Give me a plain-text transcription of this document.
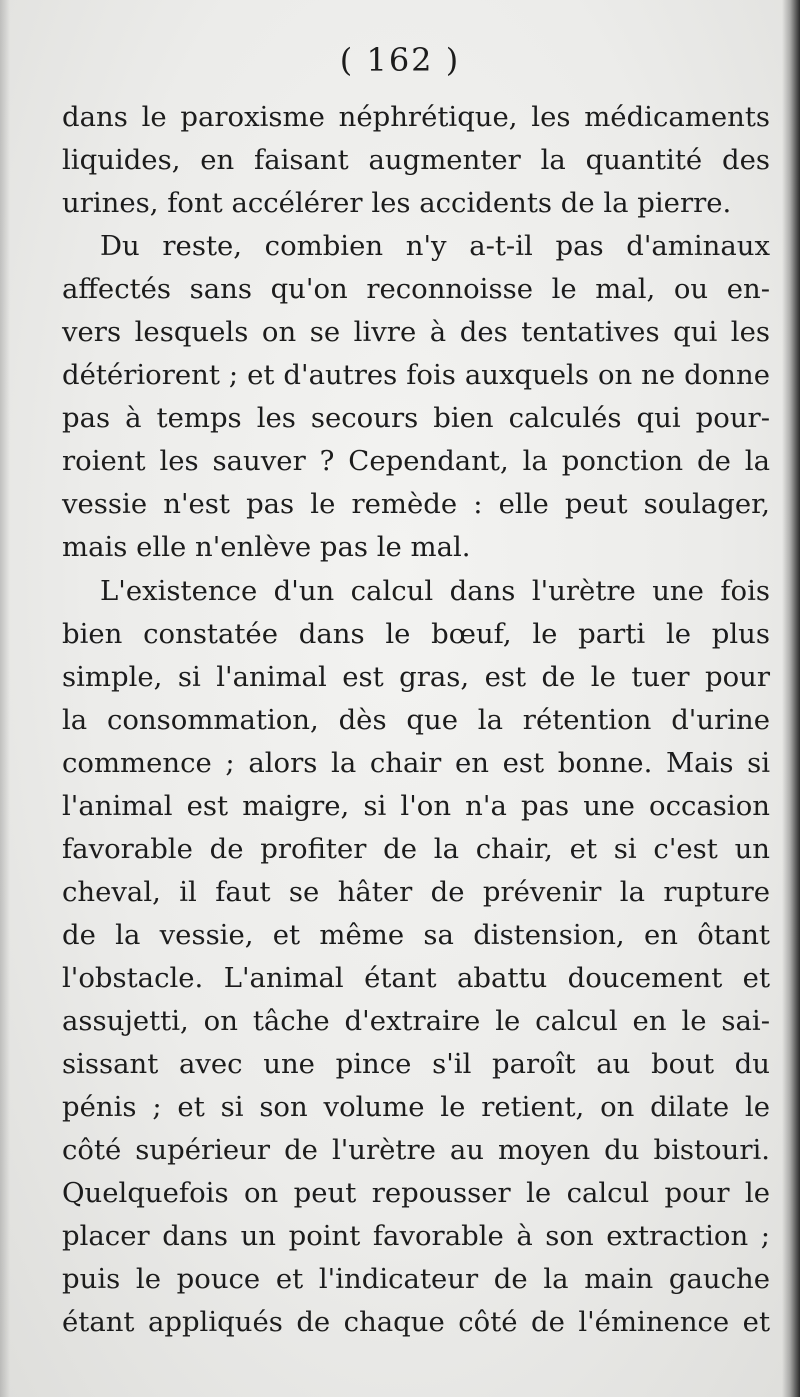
( 162 )
dans le paroxisme néphrétique, les médicaments
liquides, en faisant augmenter la quantité des
urines, font accélérer les accidents de la pierre.
Du reste, combien n'y a-t-il pas d'aminaux
affectés sans qu'on reconnoisse le mal, ou en-
vers lesquels on se livre à des tentatives qui les
détériorent ; et d'autres fois auxquels on ne donne
pas à temps les secours bien calculés qui pour-
roient les sauver ? Cependant, la ponction de la
vessie n'est pas le remède : elle peut soulager,
mais elle n'enlève pas le mal.
L'existence d'un calcul dans l'urètre une fois
bien constatée dans le bœuf, le parti le plus
simple, si l'animal est gras, est de le tuer pour
la consommation, dès que la rétention d'urine
commence ; alors la chair en est bonne. Mais si
l'animal est maigre, si l'on n'a pas une occasion
favorable de profiter de la chair, et si c'est un
cheval, il faut se hâter de prévenir la rupture
de la vessie, et même sa distension, en ôtant
l'obstacle. L'animal étant abattu doucement et
assujetti, on tâche d'extraire le calcul en le sai-
sissant avec une pince s'il paroît au bout du
pénis ; et si son volume le retient, on dilate le
côté supérieur de l'urètre au moyen du bistouri.
Quelquefois on peut repousser le calcul pour le
placer dans un point favorable à son extraction ;
puis le pouce et l'indicateur de la main gauche
étant appliqués de chaque côté de l'éminence et
